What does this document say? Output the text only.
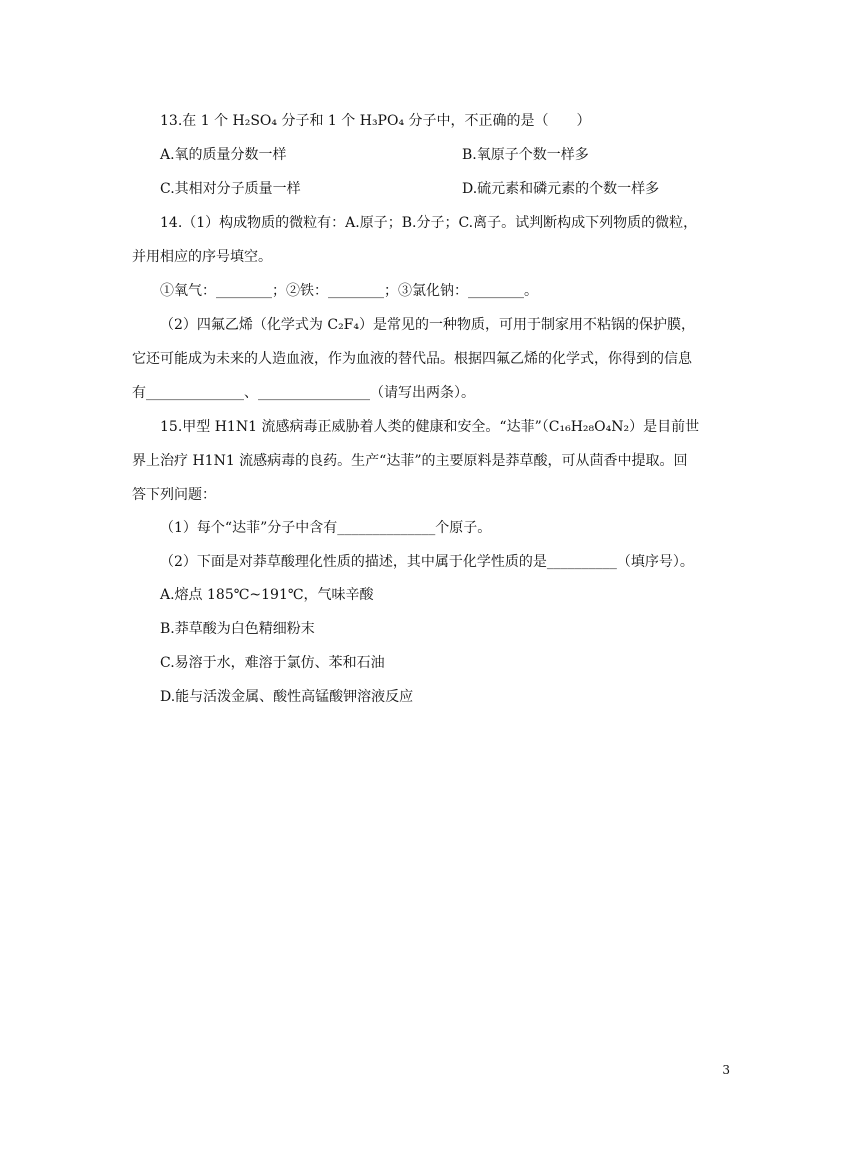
13.在 1 个 H₂SO₄ 分子和 1 个 H₃PO₄ 分子中，不正确的是（　　）
A.氧的质量分数一样	B.氧原子个数一样多
C.其相对分子质量一样	D.硫元素和磷元素的个数一样多
14.（1）构成物质的微粒有：A.原子；B.分子；C.离子。试判断构成下列物质的微粒，
并用相应的序号填空。
①氧气：________；②铁：________；③氯化钠：________。
（2）四氟乙烯（化学式为 C₂F₄）是常见的一种物质，可用于制家用不粘锅的保护膜，
它还可能成为未来的人造血液，作为血液的替代品。根据四氟乙烯的化学式，你得到的信息
有______________、________________（请写出两条）。
15.甲型 H1N1 流感病毒正威胁着人类的健康和安全。“达菲”（C₁₆H₂₈O₄N₂）是目前世
界上治疗 H1N1 流感病毒的良药。生产“达菲”的主要原料是莽草酸，可从茴香中提取。回
答下列问题：
（1）每个“达菲”分子中含有______________个原子。
（2）下面是对莽草酸理化性质的描述，其中属于化学性质的是__________（填序号）。
A.熔点 185℃~191℃，气味辛酸
B.莽草酸为白色精细粉末
C.易溶于水，难溶于氯仿、苯和石油
D.能与活泼金属、酸性高锰酸钾溶液反应
3
